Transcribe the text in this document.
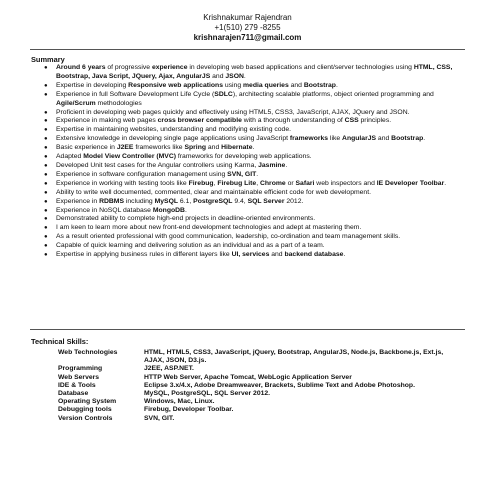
Krishnakumar Rajendran
+1(510) 279 -8255
krishnarajen711@gmail.com
Summary
● Around 6 years of progressive experience in developing web based applications and client/server technologies using HTML, CSS, Bootstrap, Java Script, JQuery, Ajax, AngularJS and JSON.
● Expertise in developing Responsive web applications using media queries and Bootstrap.
● Experience in full Software Development Life Cycle (SDLC), architecting scalable platforms, object oriented programming and Agile/Scrum methodologies
● Proficient in developing web pages quickly and effectively using HTML5, CSS3, JavaScript, AJAX, JQuery and JSON.
● Experience in making web pages cross browser compatible with a thorough understanding of CSS principles.
● Expertise in maintaining websites, understanding and modifying existing code.
● Extensive knowledge in developing single page applications using JavaScript frameworks like AngularJS and Bootstrap.
● Basic experience in J2EE frameworks like Spring and Hibernate.
● Adapted Model View Controller (MVC) frameworks for developing web applications.
● Developed Unit test cases for the Angular controllers using Karma, Jasmine.
● Experience in software configuration management using SVN, GIT.
● Experience in working with testing tools like Firebug, Firebug Lite, Chrome or Safari web inspectors and IE Developer Toolbar.
● Ability to write well documented, commented, clear and maintainable efficient code for web development.
● Experience in RDBMS including MySQL 6.1, PostgreSQL 9.4, SQL Server 2012.
● Experience in NoSQL database MongoDB.
● Demonstrated ability to complete high-end projects in deadline-oriented environments.
● I am keen to learn more about new front-end development technologies and adept at mastering them.
● As a result oriented professional with good communication, leadership, co-ordination and team management skills.
● Capable of quick learning and delivering solution as an individual and as a part of a team.
● Expertise in applying business rules in different layers like UI, services and backend database.
Technical Skills:
Web Technologies	HTML, HTML5, CSS3, JavaScript, jQuery, Bootstrap, AngularJS, Node.js, Backbone.js, Ext.js, AJAX, JSON, D3.js.
Programming	J2EE, ASP.NET.
Web Servers	HTTP Web Server, Apache Tomcat, WebLogic Application Server
IDE & Tools	Eclipse 3.x/4.x, Adobe Dreamweaver, Brackets, Sublime Text and Adobe Photoshop.
Database	MySQL, PostgreSQL, SQL Server 2012.
Operating System	Windows, Mac, Linux.
Debugging tools	Firebug, Developer Toolbar.
Version Controls	SVN, GIT.
